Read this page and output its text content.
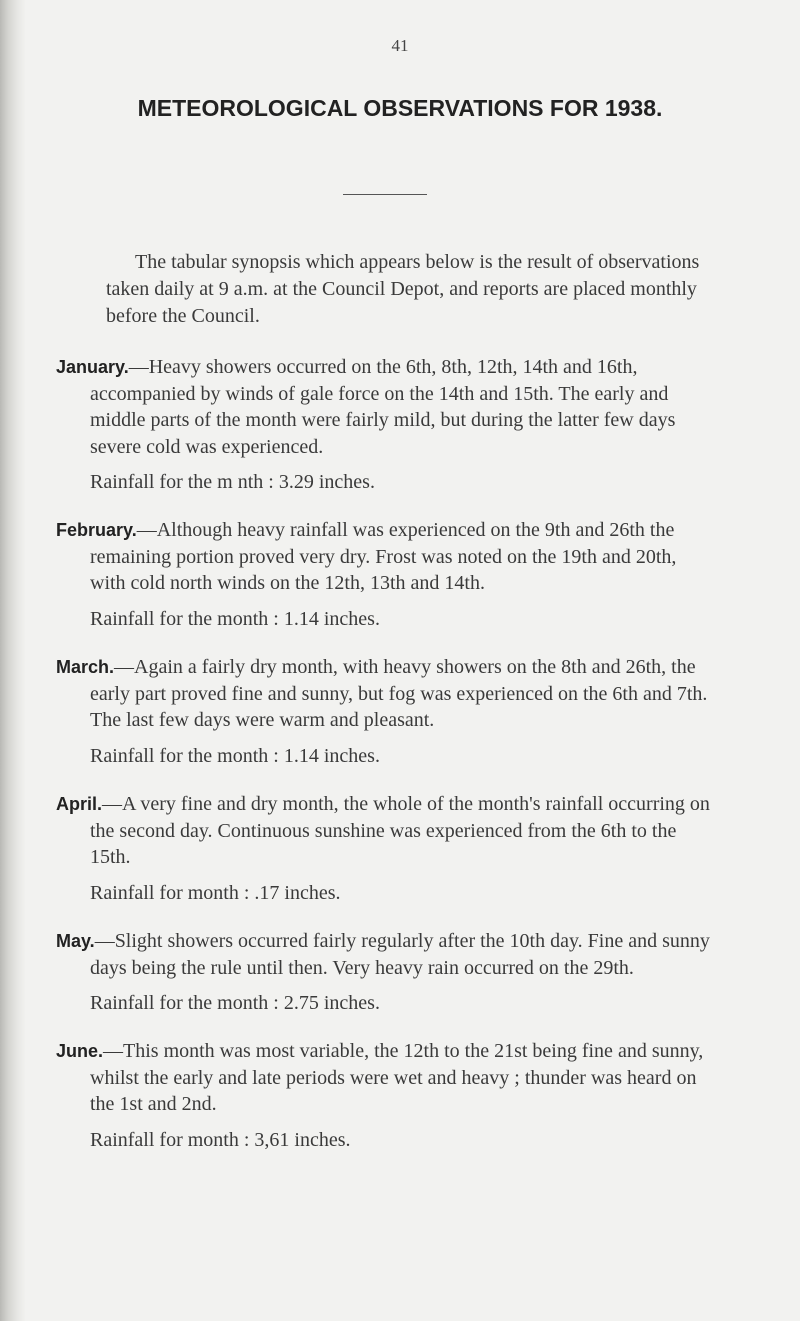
41
METEOROLOGICAL OBSERVATIONS FOR 1938.

The tabular synopsis which appears below is the result of observations taken daily at 9 a.m. at the Council Depot, and reports are placed monthly before the Council.

January.—Heavy showers occurred on the 6th, 8th, 12th, 14th and 16th, accompanied by winds of gale force on the 14th and 15th. The early and middle parts of the month were fairly mild, but during the latter few days severe cold was experienced.

Rainfall for the m nth : 3.29 inches.

February.—Although heavy rainfall was experienced on the 9th and 26th the remaining portion proved very dry. Frost was noted on the 19th and 20th, with cold north winds on the 12th, 13th and 14th.

Rainfall for the month : 1.14 inches.

March.—Again a fairly dry month, with heavy showers on the 8th and 26th, the early part proved fine and sunny, but fog was experienced on the 6th and 7th. The last few days were warm and pleasant.

Rainfall for the month : 1.14 inches.

April.—A very fine and dry month, the whole of the month's rainfall occurring on the second day. Continuous sunshine was experienced from the 6th to the 15th.

Rainfall for month : .17 inches.

May.—Slight showers occurred fairly regularly after the 10th day. Fine and sunny days being the rule until then. Very heavy rain occurred on the 29th.

Rainfall for the month : 2.75 inches.

June.—This month was most variable, the 12th to the 21st being fine and sunny, whilst the early and late periods were wet and heavy ; thunder was heard on the 1st and 2nd.

Rainfall for month : 3,61 inches.
